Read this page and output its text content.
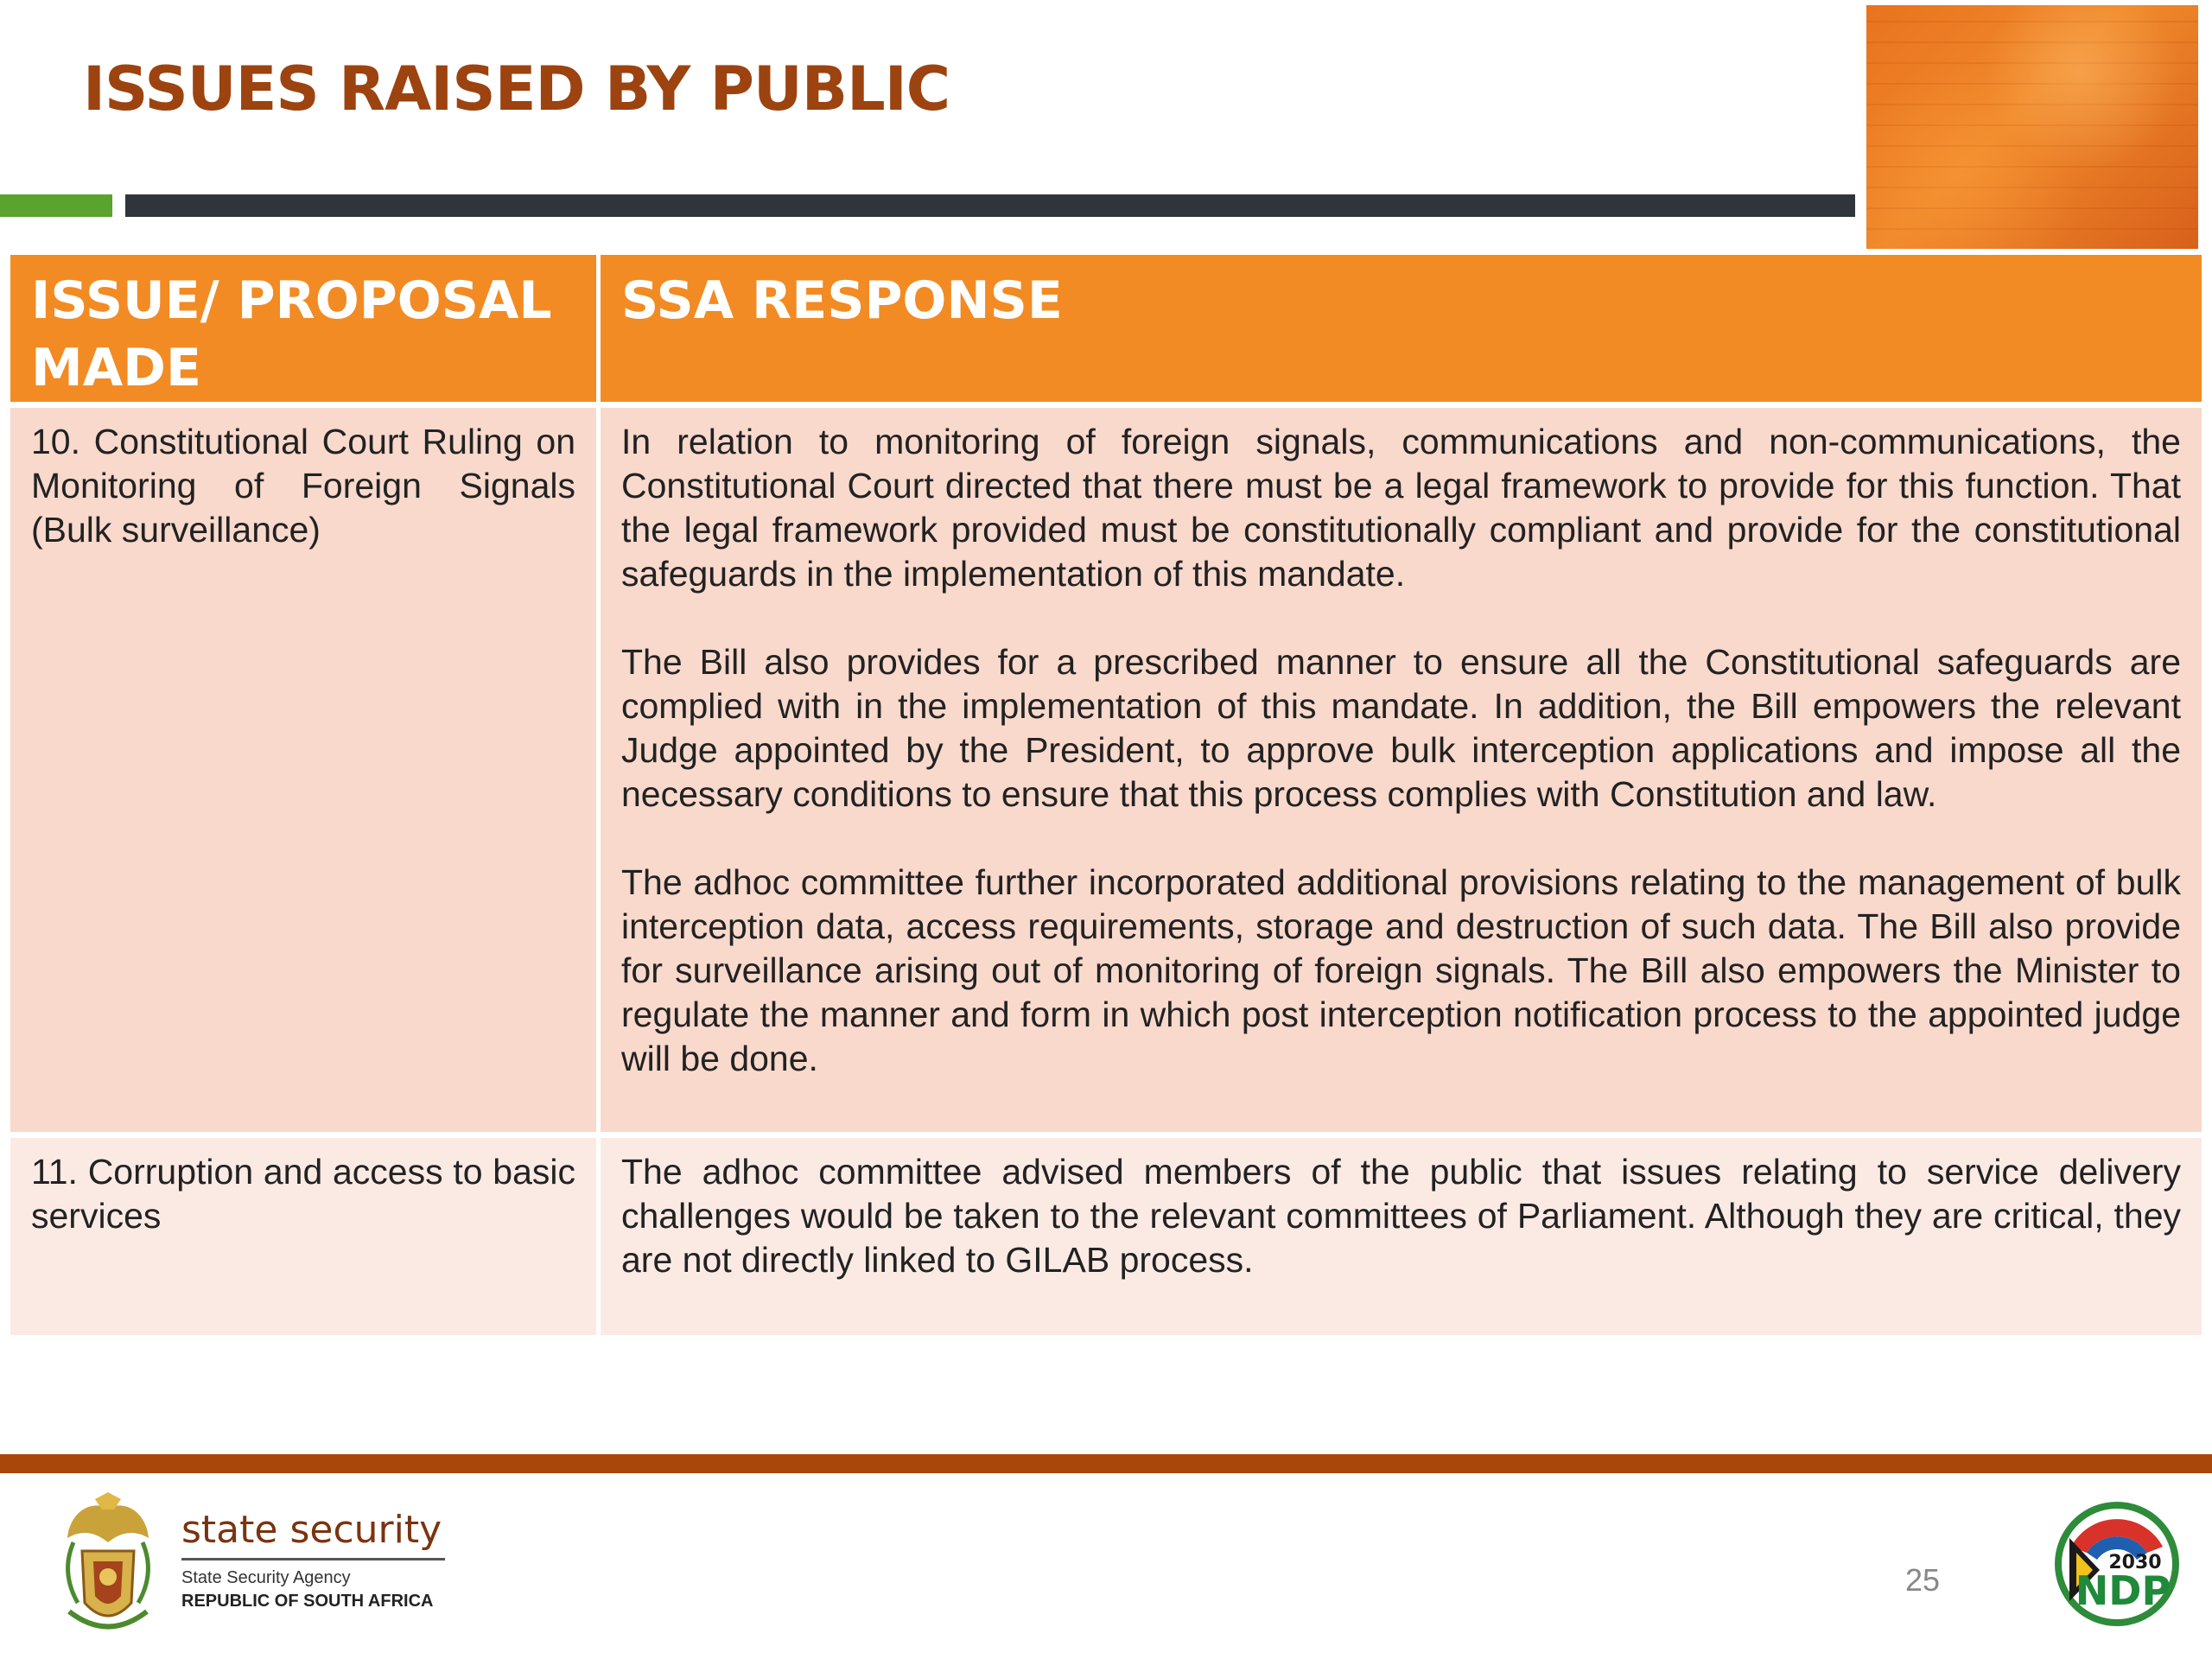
ISSUES RAISED BY PUBLIC

ISSUE/ PROPOSAL MADE

SSA RESPONSE

10. Constitutional Court Ruling on Monitoring of Foreign Signals (Bulk surveillance)

In relation to monitoring of foreign signals, communications and non-communications, the Constitutional Court directed that there must be a legal framework to provide for this function. That the legal framework provided must be constitutionally compliant and provide for the constitutional safeguards in the implementation of this mandate.

The Bill also provides for a prescribed manner to ensure all the Constitutional safeguards are complied with in the implementation of this mandate. In addition, the Bill empowers the relevant Judge appointed by the President, to approve bulk interception applications and impose all the necessary conditions to ensure that this process complies with Constitution and law.

The adhoc committee further incorporated additional provisions relating to the management of bulk interception data, access requirements, storage and destruction of such data. The Bill also provide for surveillance arising out of monitoring of foreign signals. The Bill also empowers the Minister to regulate the manner and form in which post interception notification process to the appointed judge will be done.

11. Corruption and access to basic services

The adhoc committee advised members of the public that issues relating to service delivery challenges would be taken to the relevant committees of Parliament. Although they are critical, they are not directly linked to GILAB process.

state security
State Security Agency
REPUBLIC OF SOUTH AFRICA
25	2030
NDP
